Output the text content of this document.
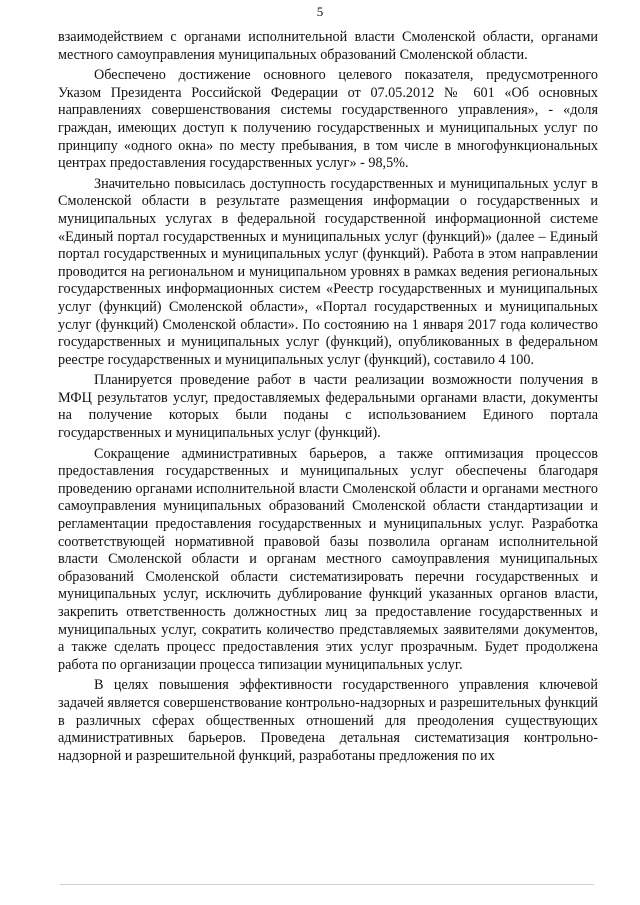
5

взаимодействием с органами исполнительной власти Смоленской области, органами местного самоуправления муниципальных образований Смоленской области.

Обеспечено достижение основного целевого показателя, предусмотренного Указом Президента Российской Федерации от 07.05.2012 № 601 «Об основных направлениях совершенствования системы государственного управления», - «доля граждан, имеющих доступ к получению государственных и муниципальных услуг по принципу «одного окна» по месту пребывания, в том числе в многофункциональных центрах предоставления государственных услуг» - 98,5%.

Значительно повысилась доступность государственных и муниципальных услуг в Смоленской области в результате размещения информации о государственных и муниципальных услугах в федеральной государственной информационной системе «Единый портал государственных и муниципальных услуг (функций)» (далее – Единый портал государственных и муниципальных услуг (функций). Работа в этом направлении проводится на региональном и муниципальном уровнях в рамках ведения региональных государственных информационных систем «Реестр государственных и муниципальных услуг (функций) Смоленской области», «Портал государственных и муниципальных услуг (функций) Смоленской области». По состоянию на 1 января 2017 года количество государственных и муниципальных услуг (функций), опубликованных в федеральном реестре государственных и муниципальных услуг (функций), составило 4 100.

Планируется проведение работ в части реализации возможности получения в МФЦ результатов услуг, предоставляемых федеральными органами власти, документы на получение которых были поданы с использованием Единого портала государственных и муниципальных услуг (функций).

Сокращение административных барьеров, а также оптимизация процессов предоставления государственных и муниципальных услуг обеспечены благодаря проведению органами исполнительной власти Смоленской области и органами местного самоуправления муниципальных образований Смоленской области стандартизации и регламентации предоставления государственных и муниципальных услуг. Разработка соответствующей нормативной правовой базы позволила органам исполнительной власти Смоленской области и органам местного самоуправления муниципальных образований Смоленской области систематизировать перечни государственных и муниципальных услуг, исключить дублирование функций указанных органов власти, закрепить ответственность должностных лиц за предоставление государственных и муниципальных услуг, сократить количество представляемых заявителями документов, а также сделать процесс предоставления этих услуг прозрачным. Будет продолжена работа по организации процесса типизации муниципальных услуг.

В целях повышения эффективности государственного управления ключевой задачей является совершенствование контрольно-надзорных и разрешительных функций в различных сферах общественных отношений для преодоления существующих административных барьеров. Проведена детальная систематизация контрольно-надзорной и разрешительной функций, разработаны предложения по их
